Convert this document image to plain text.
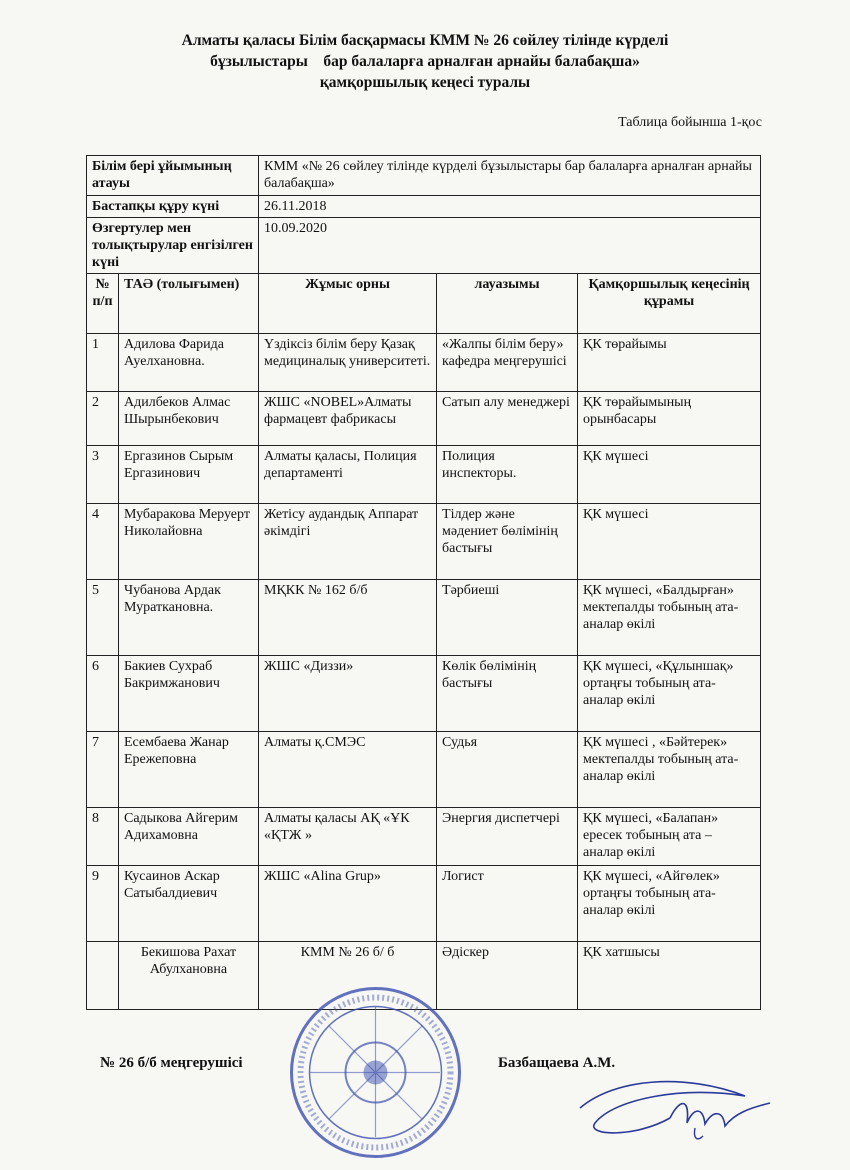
Алматы қаласы Білім басқармасы КММ № 26 сөйлеу тілінде күрделі
бұзылыстары    бар балаларға арналған арнайы балабақша»
қамқоршылық кеңесі туралы
Таблица бойынша 1-қос
Білім бері ұйымының атауы		КММ «№ 26 сөйлеу тілінде күрделі бұзылыстары бар балаларға арналған арнайы балабақша»		
Бастапқы құру күні		26.11.2018		
Өзгертулер мен толықтырулар енгізілген күні		10.09.2020		
№ п/п	ТАӘ (толығымен)	Жұмыс орны	лауазымы	Қамқоршылық кеңесінің құрамы
1	Адилова Фарида Ауелхановна.	Үздіксіз білім беру Қазақ медициналық университеті.	«Жалпы білім беру» кафедра меңгерушісі	ҚК төрайымы
2	Адилбеков Алмас Шырынбекович	ЖШС «NOBEL»Алматы фармацевт фабрикасы	Сатып алу менеджері	ҚК төрайымының орынбасары
3	Ергазинов Сырым Ергазинович	Алматы қаласы, Полиция департаменті	Полиция инспекторы.	ҚК мүшесі
4	Мубаракова Меруерт Николайовна	Жетісу аудандық Аппарат әкімдігі	Тілдер және мәдениет бөлімінің бастығы	ҚК мүшесі
5	Чубанова Ардак Мураткановна.	МҚКК № 162 б/б	Тәрбиеші	ҚК мүшесі, «Балдырған» мектепалды тобының ата-аналар өкілі
6	Бакиев Сухраб Бакримжанович	ЖШС «Диззи»	Көлік бөлімінің бастығы	ҚК мүшесі, «Құлыншақ» ортаңғы тобының ата-аналар өкілі
7	Есембаева Жанар Ережеповна	Алматы қ.СМЭС	Судья	ҚК мүшесі , «Бәйтерек» мектепалды тобының ата-аналар өкілі
8	Садыкова Айгерим Адихамовна	Алматы қаласы АҚ «ҰК «ҚТЖ »	Энергия диспетчері	ҚК мүшесі, «Балапан» ересек тобының ата – аналар өкілі
9	Кусаинов Аскар Сатыбалдиевич	ЖШС «Alina Grup»	Логист	ҚК мүшесі, «Айгөлек» ортаңғы тобының ата-аналар өкілі
	Бекишова Рахат Абулхановна	КММ № 26 б/ б	Әдіскер	ҚК хатшысы
№ 26 б/б меңгерушісі	Базбащаева А.М.
